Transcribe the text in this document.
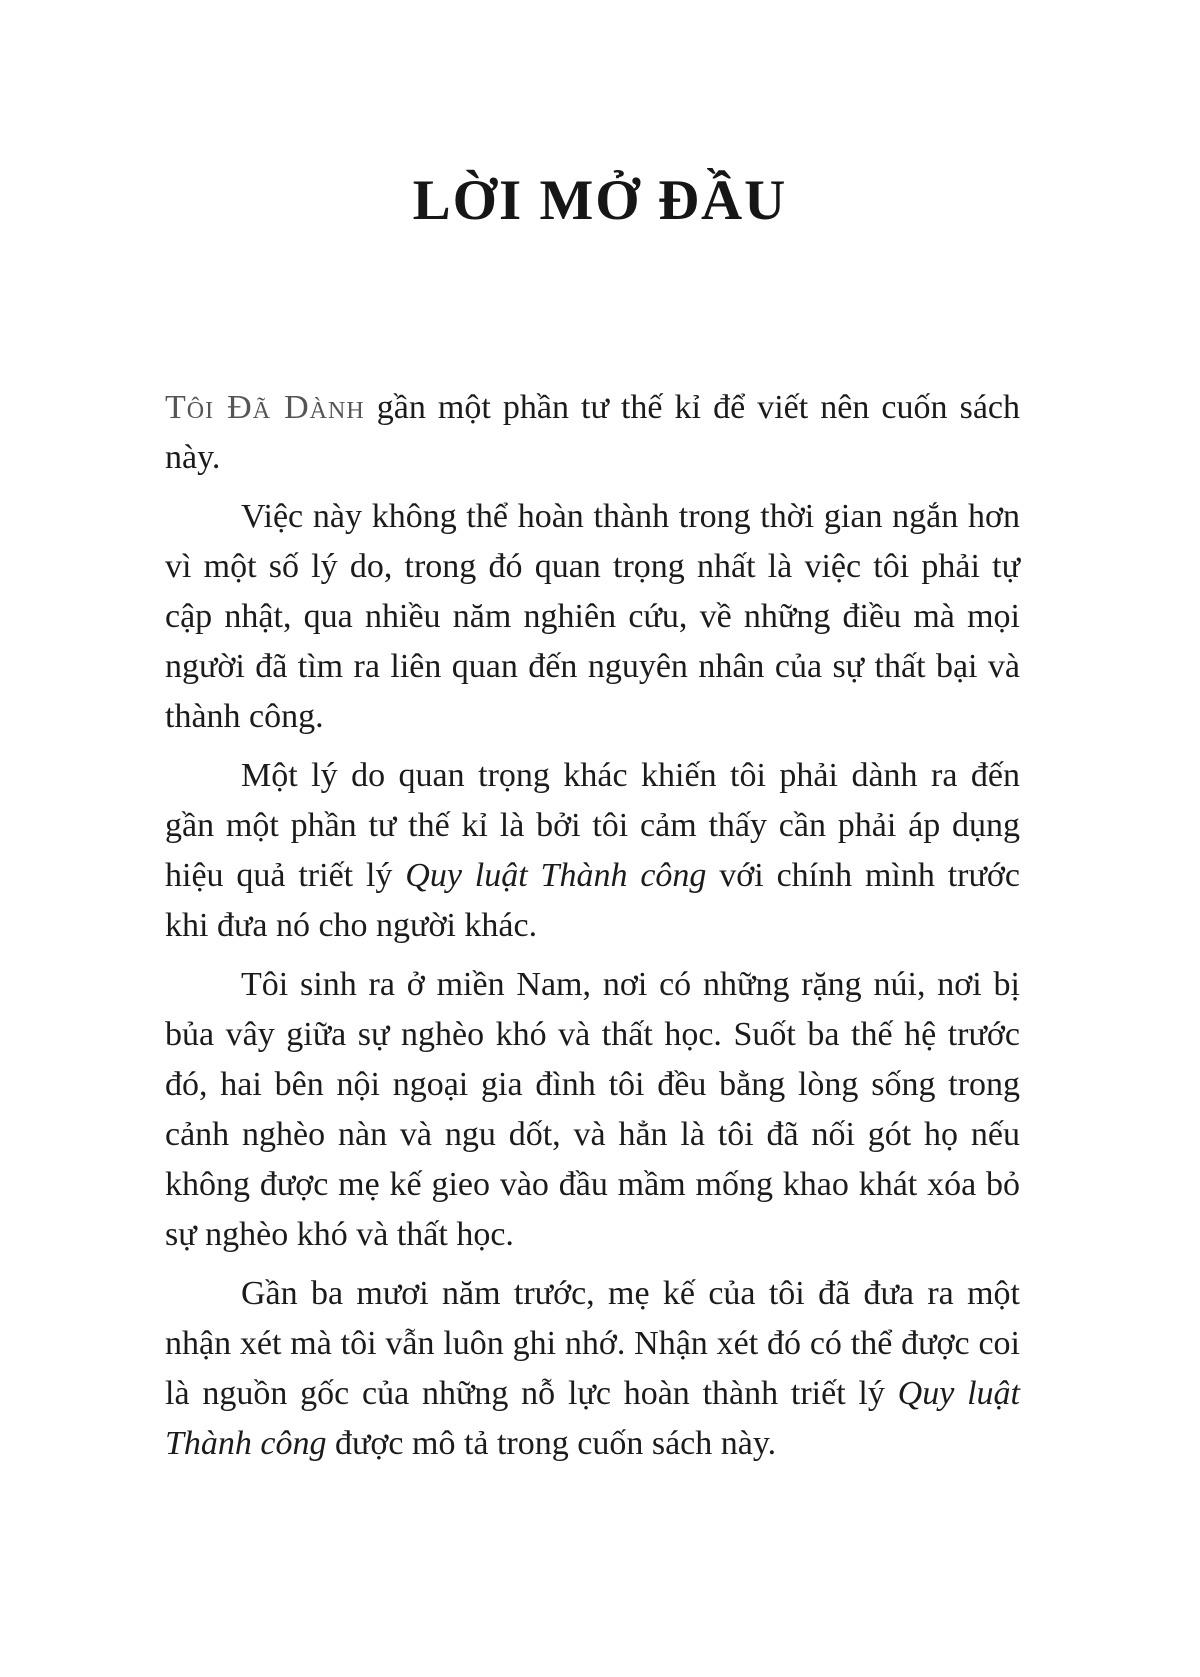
LỜI MỞ ĐẦU

Tôi Đã Dành gần một phần tư thế kỉ để viết nên cuốn sách này.

Việc này không thể hoàn thành trong thời gian ngắn hơn vì một số lý do, trong đó quan trọng nhất là việc tôi phải tự cập nhật, qua nhiều năm nghiên cứu, về những điều mà mọi người đã tìm ra liên quan đến nguyên nhân của sự thất bại và thành công.

Một lý do quan trọng khác khiến tôi phải dành ra đến gần một phần tư thế kỉ là bởi tôi cảm thấy cần phải áp dụng hiệu quả triết lý Quy luật Thành công với chính mình trước khi đưa nó cho người khác.

Tôi sinh ra ở miền Nam, nơi có những rặng núi, nơi bị bủa vây giữa sự nghèo khó và thất học. Suốt ba thế hệ trước đó, hai bên nội ngoại gia đình tôi đều bằng lòng sống trong cảnh nghèo nàn và ngu dốt, và hẳn là tôi đã nối gót họ nếu không được mẹ kế gieo vào đầu mầm mống khao khát xóa bỏ sự nghèo khó và thất học.

Gần ba mươi năm trước, mẹ kế của tôi đã đưa ra một nhận xét mà tôi vẫn luôn ghi nhớ. Nhận xét đó có thể được coi là nguồn gốc của những nỗ lực hoàn thành triết lý Quy luật Thành công được mô tả trong cuốn sách này.
